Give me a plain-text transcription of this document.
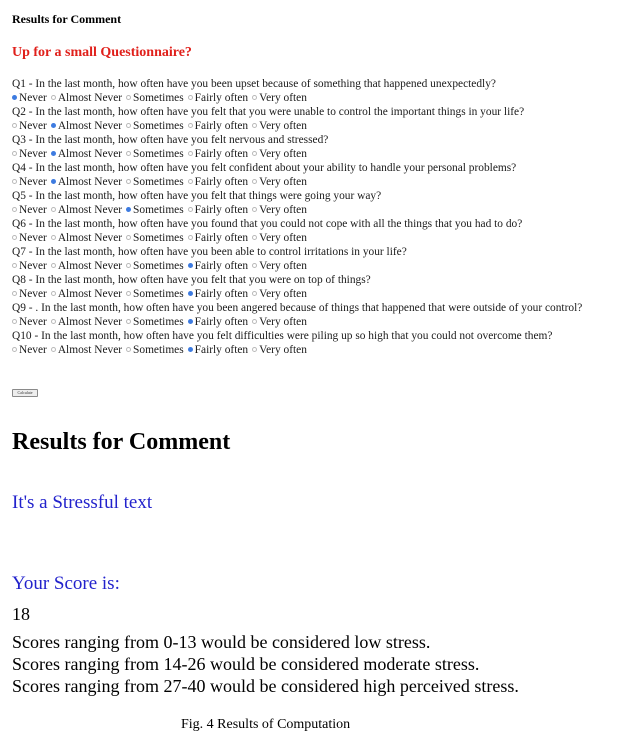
Results for Comment
Up for a small Questionnaire?
Q1 - In the last month, how often have you been upset because of something that happened unexpectedly?
Never Almost Never Sometimes Fairly often Very often
Q2 - In the last month, how often have you felt that you were unable to control the important things in your life?
Never Almost Never Sometimes Fairly often Very often
Q3 - In the last month, how often have you felt nervous and stressed?
Never Almost Never Sometimes Fairly often Very often
Q4 - In the last month, how often have you felt confident about your ability to handle your personal problems?
Never Almost Never Sometimes Fairly often Very often
Q5 - In the last month, how often have you felt that things were going your way?
Never Almost Never Sometimes Fairly often Very often
Q6 - In the last month, how often have you found that you could not cope with all the things that you had to do?
Never Almost Never Sometimes Fairly often Very often
Q7 - In the last month, how often have you been able to control irritations in your life?
Never Almost Never Sometimes Fairly often Very often
Q8 - In the last month, how often have you felt that you were on top of things?
Never Almost Never Sometimes Fairly often Very often
Q9 - . In the last month, how often have you been angered because of things that happened that were outside of your control?
Never Almost Never Sometimes Fairly often Very often
Q10 - In the last month, how often have you felt difficulties were piling up so high that you could not overcome them?
Never Almost Never Sometimes Fairly often Very often
Calculate
Results for Comment
It's a Stressful text
Your Score is:
18
Scores ranging from 0-13 would be considered low stress.
Scores ranging from 14-26 would be considered moderate stress.
Scores ranging from 27-40 would be considered high perceived stress.
Fig. 4 Results of Computation
